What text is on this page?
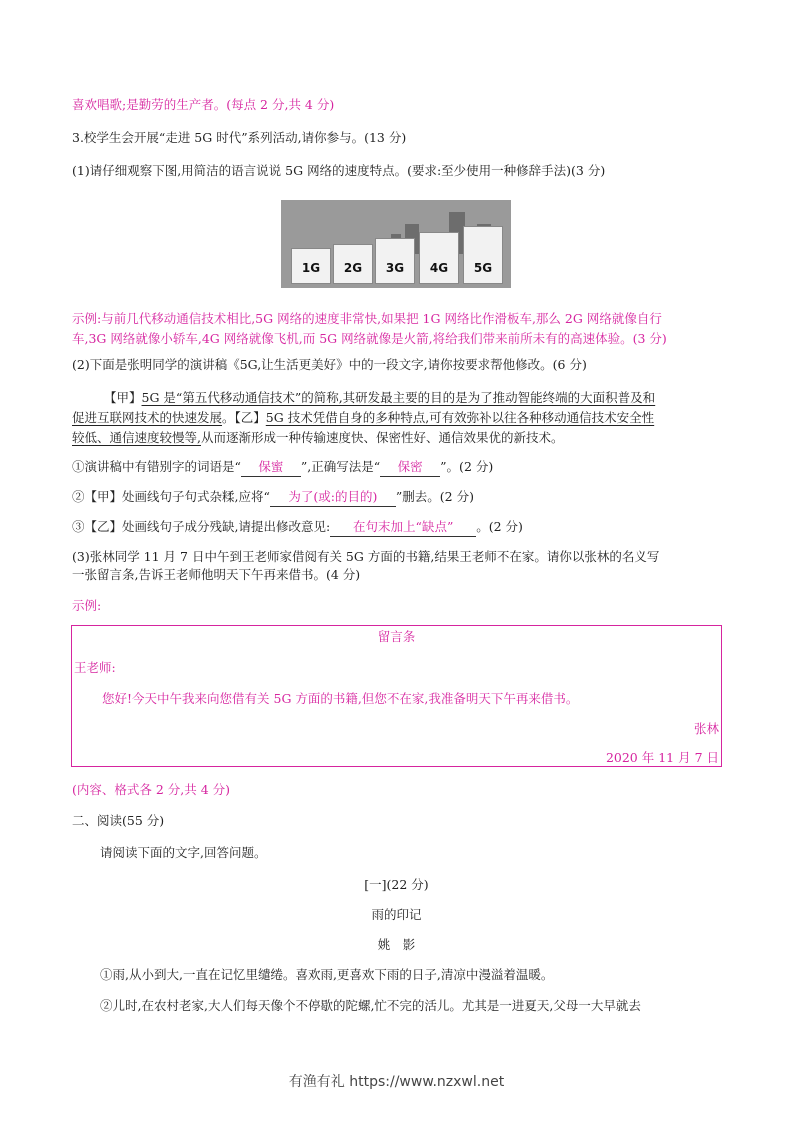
喜欢唱歌;是勤劳的生产者。(每点 2 分,共 4 分)
3.校学生会开展“走进 5G 时代”系列活动,请你参与。(13 分)
(1)请仔细观察下图,用简洁的语言说说 5G 网络的速度特点。(要求:至少使用一种修辞手法)(3 分)
1G	2G	3G	4G	5G
示例:与前几代移动通信技术相比,5G 网络的速度非常快,如果把 1G 网络比作滑板车,那么 2G 网络就像自行
车,3G 网络就像小轿车,4G 网络就像飞机,而 5G 网络就像是火箭,将给我们带来前所未有的高速体验。(3 分)
(2)下面是张明同学的演讲稿《5G,让生活更美好》中的一段文字,请你按要求帮他修改。(6 分)
【甲】5G 是“第五代移动通信技术”的简称,其研发最主要的目的是为了推动智能终端的大面积普及和
促进互联网技术的快速发展。【乙】5G 技术凭借自身的多种特点,可有效弥补以往各种移动通信技术安全性
较低、通信速度较慢等,从而逐渐形成一种传输速度快、保密性好、通信效果优的新技术。
①演讲稿中有错别字的词语是“ 保蜜 ”,正确写法是“ 保密 ”。(2 分)
②【甲】处画线句子句式杂糅,应将“ 为了(或:的目的) ”删去。(2 分)
③【乙】处画线句子成分残缺,请提出修改意见: 在句末加上“缺点” 。(2 分)
(3)张林同学 11 月 7 日中午到王老师家借阅有关 5G 方面的书籍,结果王老师不在家。请你以张林的名义写
一张留言条,告诉王老师他明天下午再来借书。(4 分)
示例:
留言条
王老师:
您好!今天中午我来向您借有关 5G 方面的书籍,但您不在家,我准备明天下午再来借书。
张林
2020 年 11 月 7 日
(内容、格式各 2 分,共 4 分)
二、阅读(55 分)
请阅读下面的文字,回答问题。
[一](22 分)
雨的印记
姚　影
①雨,从小到大,一直在记忆里缱绻。喜欢雨,更喜欢下雨的日子,清凉中漫溢着温暖。
②儿时,在农村老家,大人们每天像个不停歇的陀螺,忙不完的活儿。尤其是一进夏天,父母一大早就去
有渔有礼 https://www.nzxwl.net
